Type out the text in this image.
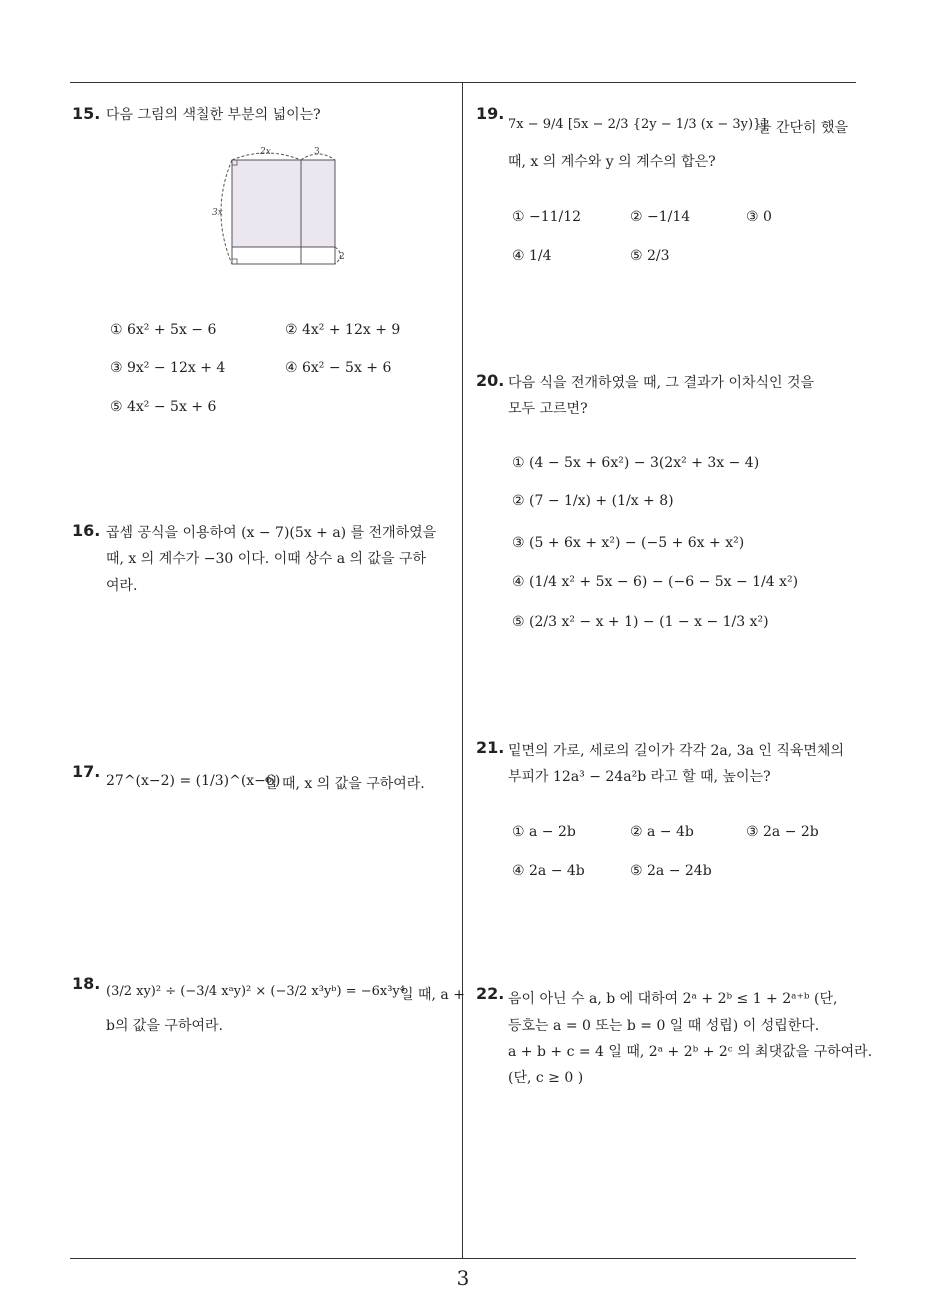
15. 다음 그림의 색칠한 부분의 넓이는?
2x	3
3x
2
① 6x² + 5x − 6	② 4x² + 12x + 9
③ 9x² − 12x + 4	④ 6x² − 5x + 6
⑤ 4x² − 5x + 6
16. 곱셈 공식을 이용하여 (x − 7)(5x + a) 를 전개하였을
때, x 의 계수가 −30 이다. 이때 상수 a 의 값을 구하
여라.
17. 27^(x−2) = (1/3)^(x−6)
일 때, x 의 값을 구하여라.
18. (3/2 xy)² ÷ (−3/4 xᵃy)² × (−3/2 x³yᵇ) = −6x³y⁴
일 때, a +
b의 값을 구하여라.
19.
7x − 9/4 [5x − 2/3 {2y − 1/3 (x − 3y)}]
를 간단히 했을
때, x 의 계수와 y 의 계수의 합은?
① −11/12	② −1/14	③ 0
④ 1/4	⑤ 2/3
20. 다음 식을 전개하였을 때, 그 결과가 이차식인 것을
모두 고르면?
① (4 − 5x + 6x²) − 3(2x² + 3x − 4)
② (7 − 1/x) + (1/x + 8)
③ (5 + 6x + x²) − (−5 + 6x + x²)
④ (1/4 x² + 5x − 6) − (−6 − 5x − 1/4 x²)
⑤ (2/3 x² − x + 1) − (1 − x − 1/3 x²)
21. 밑면의 가로, 세로의 길이가 각각 2a, 3a 인 직육면체의
부피가 12a³ − 24a²b 라고 할 때, 높이는?
① a − 2b	② a − 4b	③ 2a − 2b
④ 2a − 4b	⑤ 2a − 24b
22. 음이 아닌 수 a, b 에 대하여 2ᵃ + 2ᵇ ≤ 1 + 2ᵃ⁺ᵇ (단,
등호는 a = 0 또는 b = 0 일 때 성립) 이 성립한다.
a + b + c = 4 일 때, 2ᵃ + 2ᵇ + 2ᶜ 의 최댓값을 구하여라.
(단, c ≥ 0 )
3
